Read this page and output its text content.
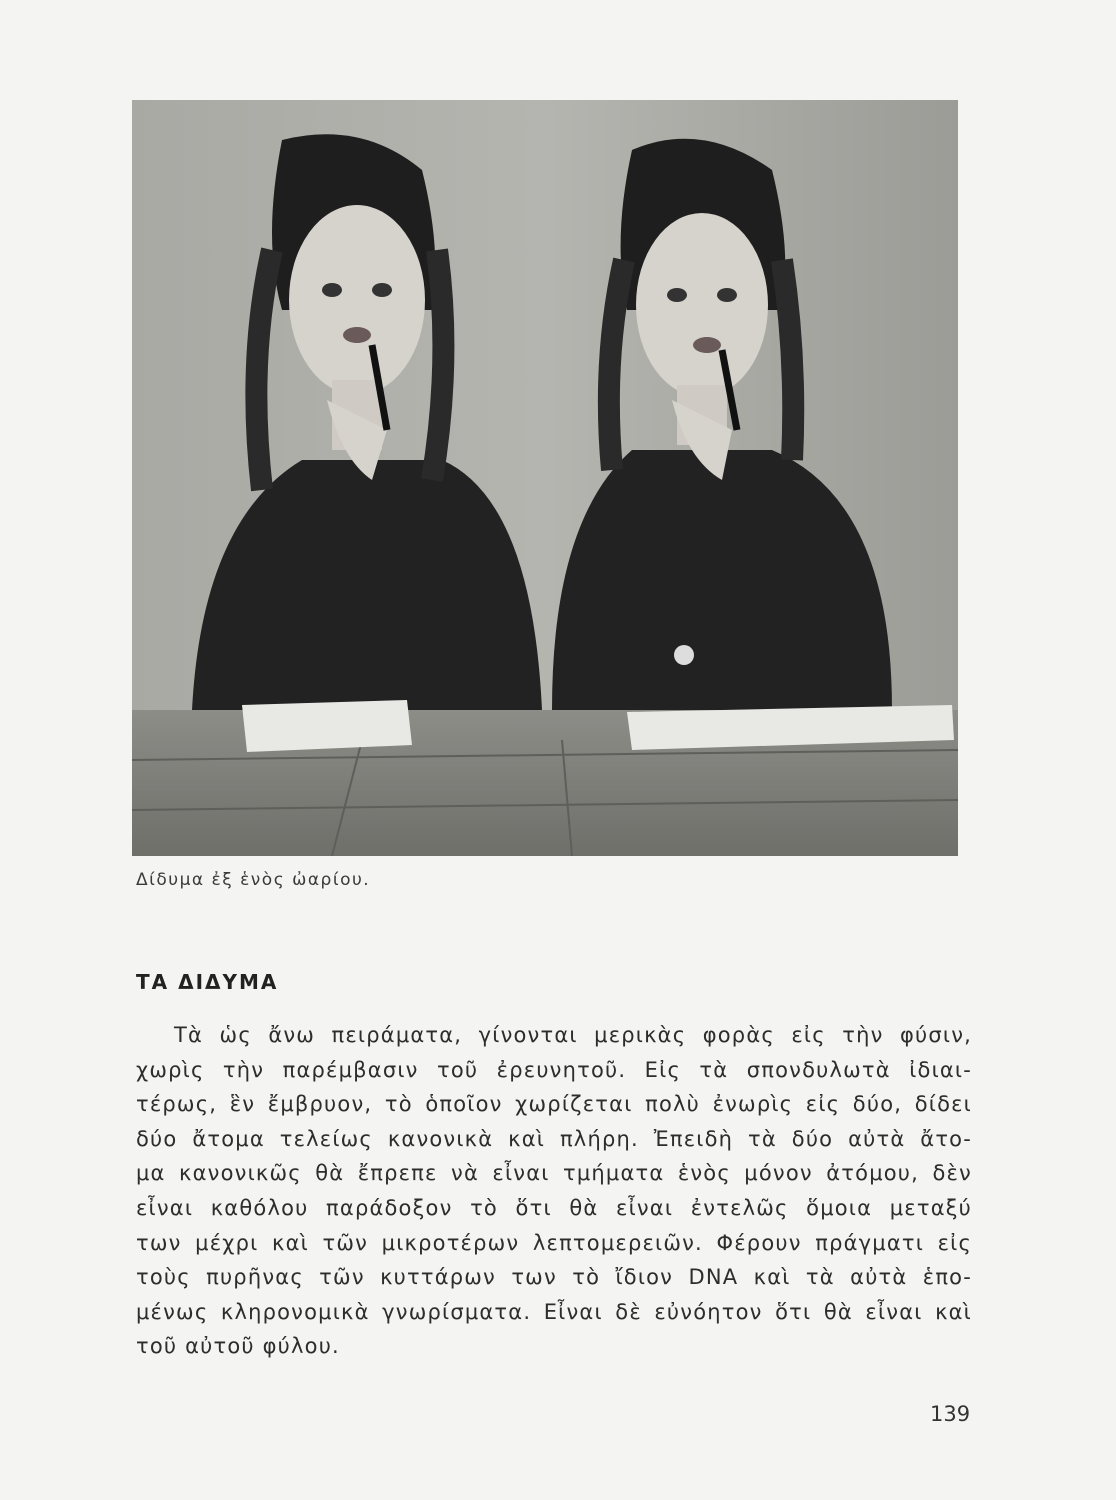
Δίδυμα ἐξ ἑνὸς ὠαρίου.
ΤΑ ΔΙΔΥΜΑ
Τὰ ὡς ἄνω πειράματα, γίνονται μερικὰς φορὰς εἰς τὴν φύσιν,
χωρὶς τὴν παρέμβασιν τοῦ ἐρευνητοῦ. Εἰς τὰ σπονδυλωτὰ ἰδιαι-
τέρως, ἓν ἔμβρυον, τὸ ὁποῖον χωρίζεται πολὺ ἐνωρὶς εἰς δύο, δίδει
δύο ἄτομα τελείως κανονικὰ καὶ πλήρη. Ἐπειδὴ τὰ δύο αὐτὰ ἄτο-
μα κανονικῶς θὰ ἔπρεπε νὰ εἶναι τμήματα ἑνὸς μόνον ἀτόμου, δὲν
εἶναι καθόλου παράδοξον τὸ ὅτι θὰ εἶναι ἐντελῶς ὅμοια μεταξύ
των μέχρι καὶ τῶν μικροτέρων λεπτομερειῶν. Φέρουν πράγματι εἰς
τοὺς πυρῆνας τῶν κυττάρων των τὸ ἴδιον DNA καὶ τὰ αὐτὰ ἑπο-
μένως κληρονομικὰ γνωρίσματα. Εἶναι δὲ εὐνόητον ὅτι θὰ εἶναι καὶ
τοῦ αὐτοῦ φύλου.
139
